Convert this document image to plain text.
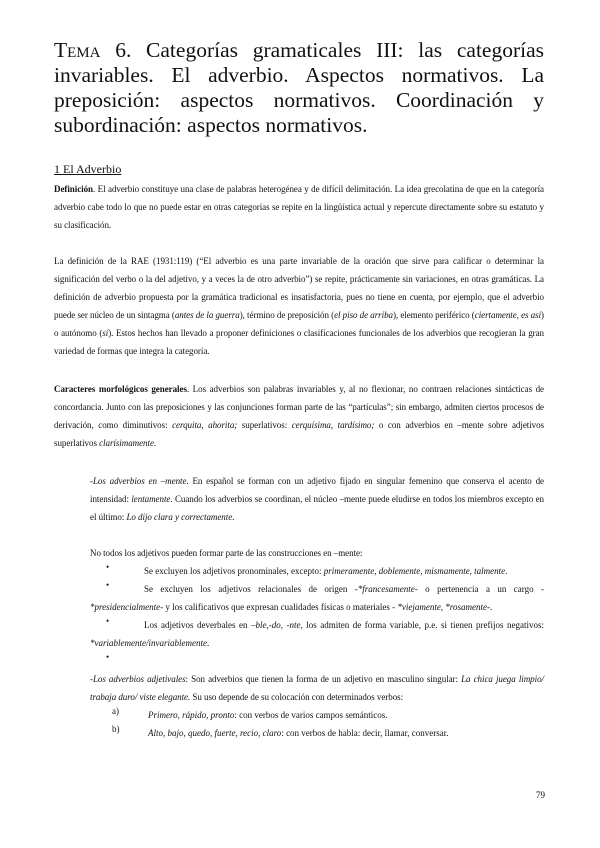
Tema 6. Categorías gramaticales III: las categorías invariables. El adverbio. Aspectos normativos. La preposición: aspectos normativos. Coordinación y subordinación: aspectos normativos.
1 El Adverbio
Definición. El adverbio constituye una clase de palabras heterogénea y de difícil delimitación. La idea grecolatina de que en la categoría adverbio cabe todo lo que no puede estar en otras categorías se repite en la lingüística actual y repercute directamente sobre su estatuto y su clasificación.
La definición de la RAE (1931:119) (“El adverbio es una parte invariable de la oración que sirve para calificar o determinar la significación del verbo o la del adjetivo, y a veces la de otro adverbio”) se repite, prácticamente sin variaciones, en otras gramáticas. La definición de adverbio propuesta por la gramática tradicional es insatisfactoria, pues no tiene en cuenta, por ejemplo, que el adverbio puede ser núcleo de un sintagma (antes de la guerra), término de preposición (el piso de arriba), elemento periférico (ciertamente, es así) o autónomo (sí). Estos hechos han llevado a proponer definiciones o clasificaciones funcionales de los adverbios que recogieran la gran variedad de formas que integra la categoría.
Caracteres morfológicos generales. Los adverbios son palabras invariables y, al no flexionar, no contraen relaciones sintácticas de concordancia. Junto con las preposiciones y las conjunciones forman parte de las “partículas”; sin embargo, admiten ciertos procesos de derivación, como diminutivos: cerquita, ahorita; superlativos: cerquísima, tardísimo; o con adverbios en –mente sobre adjetivos superlativos clarísimamente.
-Los adverbios en –mente. En español se forman con un adjetivo fijado en singular femenino que conserva el acento de intensidad: lentamente. Cuando los adverbios se coordinan, el núcleo –mente puede eludirse en todos los miembros excepto en el último: Lo dijo clara y correctamente.
No todos los adjetivos pueden formar parte de las construcciones en –mente:
•	Se excluyen los adjetivos pronominales, excepto: primeramente, doblemente, mismamente, talmente.
•	Se excluyen los adjetivos relacionales de origen -*francesamente- o pertenencia a un cargo -*presidencialmente- y los calificativos que expresan cualidades físicas o materiales - *viejamente, *rosamente-.
•	Los adjetivos deverbales en –ble,-do, -nte, los admiten de forma variable, p.e. si tienen prefijos negativos: *variablemente/invariablemente.
•
-Los adverbios adjetivales: Son adverbios que tienen la forma de un adjetivo en masculino singular: La chica juega limpio/ trabaja duro/ viste elegante. Su uso depende de su colocación con determinados verbos:
a)	Primero, rápido, pronto: con verbos de varios campos semánticos.
b)	Alto, bajo, quedo, fuerte, recio, claro: con verbos de habla: decir, llamar, conversar.
79
